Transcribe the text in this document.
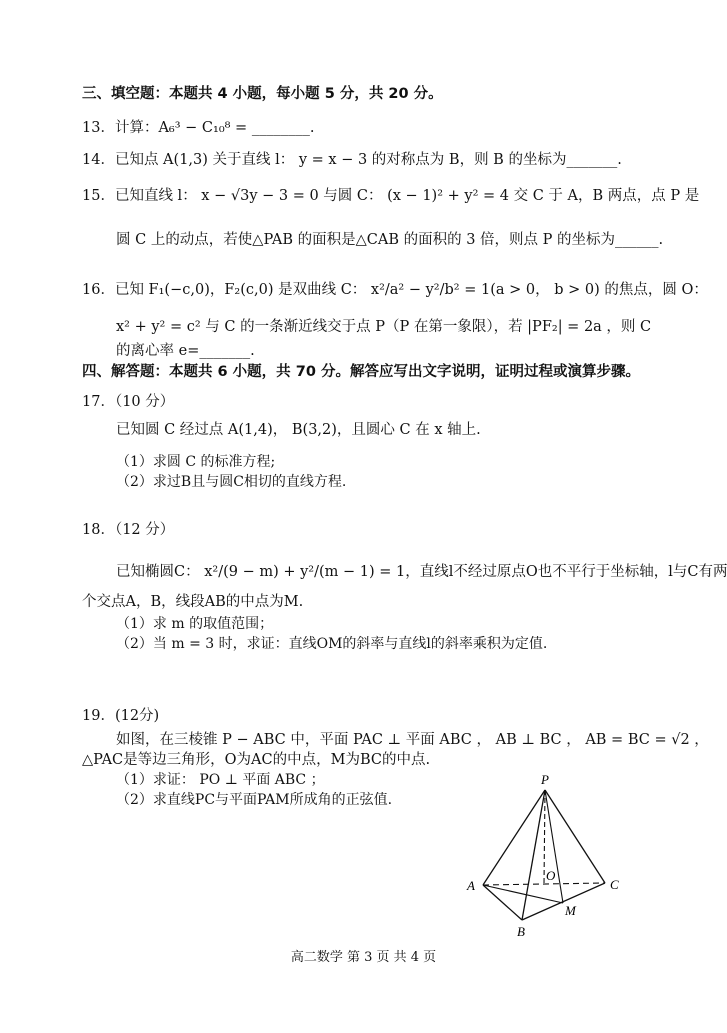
三、填空题：本题共 4 小题，每小题 5 分，共 20 分。
13．计算：A₆³ − C₁₀⁸ = ________.
14．已知点 A(1,3) 关于直线 l： y = x − 3 的对称点为 B，则 B 的坐标为_______.
15．已知直线 l： x − √3y − 3 = 0 与圆 C： (x − 1)² + y² = 4 交 C 于 A，B 两点，点 P 是
圆 C 上的动点，若使△PAB 的面积是△CAB 的面积的 3 倍，则点 P 的坐标为______.
16．已知 F₁(−c,0)，F₂(c,0) 是双曲线 C： x²/a² − y²/b² = 1(a > 0， b > 0) 的焦点，圆 O：
x² + y² = c² 与 C 的一条渐近线交于点 P（P 在第一象限），若 |PF₂| = 2a ，则 C
的离心率 e=_______.
四、解答题：本题共 6 小题，共 70 分。解答应写出文字说明，证明过程或演算步骤。
17．（10 分）
已知圆 C 经过点 A(1,4)， B(3,2)，且圆心 C 在 x 轴上.
（1）求圆 C 的标准方程;
（2）求过B且与圆C相切的直线方程.
18．（12 分）
已知椭圆C： x²/(9 − m) + y²/(m − 1) = 1，直线l不经过原点O也不平行于坐标轴，l与C有两
个交点A，B，线段AB的中点为M.
（1）求 m 的取值范围；
（2）当 m = 3 时，求证：直线OM的斜率与直线l的斜率乘积为定值.
19．(12分)
如图，在三棱锥 P − ABC 中，平面 PAC ⊥ 平面 ABC ， AB ⊥ BC ， AB = BC = √2 ，
△PAC是等边三角形，O为AC的中点，M为BC的中点.
（1）求证： PO ⊥ 平面 ABC ；
（2）求直线PC与平面PAM所成角的正弦值.
P
A
B
C
O
M
高二数学 第 3 页 共 4 页
